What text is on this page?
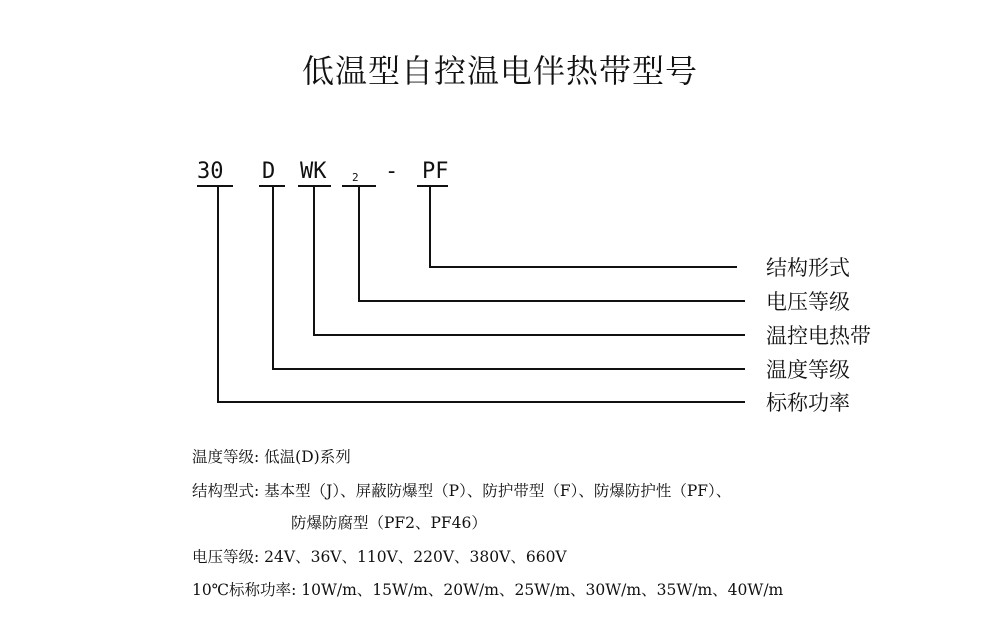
低温型自控温电伴热带型号
30 D WK 2 - PF
结构形式
电压等级
温控电热带
温度等级
标称功率
温度等级: 低温(D)系列
结构型式: 基本型（J）、屏蔽防爆型（P）、防护带型（F）、防爆防护性（PF）、
防爆防腐型（PF2、PF46）
电压等级: 24V、36V、110V、220V、380V、660V
10℃标称功率: 10W/m、15W/m、20W/m、25W/m、30W/m、35W/m、40W/m
